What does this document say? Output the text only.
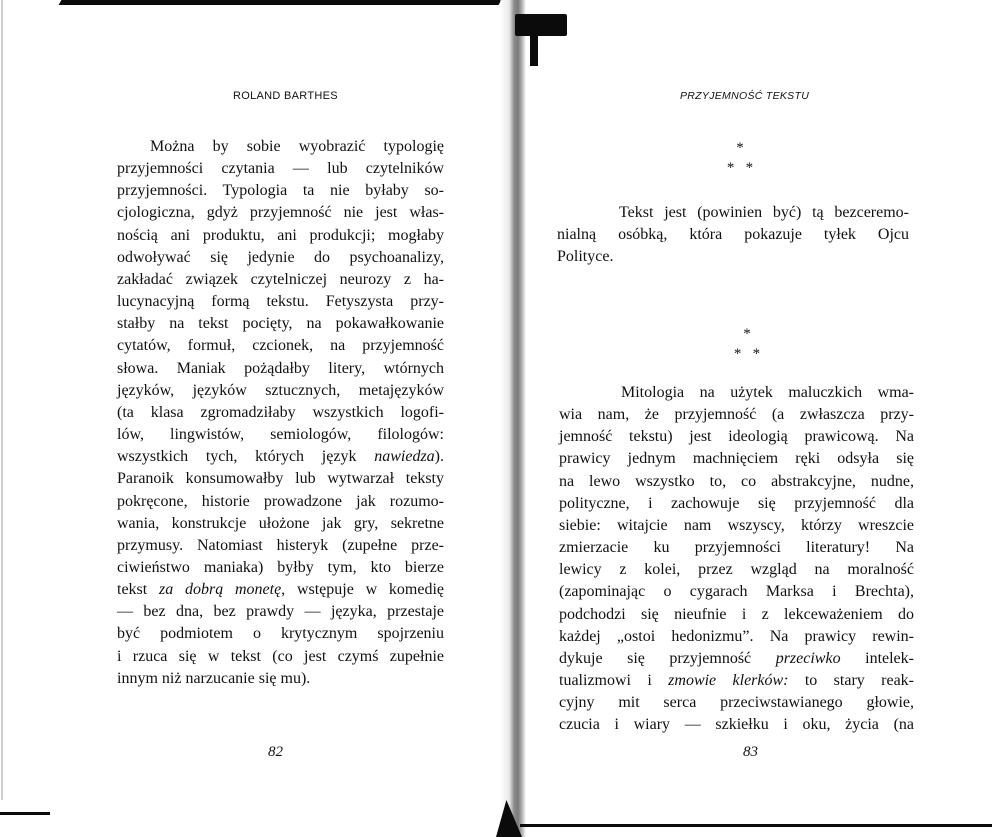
ROLAND BARTHES
Można by sobie wyobrazić typologię
przyjemności czytania — lub czytelników
przyjemności. Typologia ta nie byłaby so-
cjologiczna, gdyż przyjemność nie jest włas-
nością ani produktu, ani produkcji; mogłaby
odwoływać się jedynie do psychoanalizy,
zakładać związek czytelniczej neurozy z ha-
lucynacyjną formą tekstu. Fetyszysta przy-
stałby na tekst pocięty, na pokawałkowanie
cytatów, formuł, czcionek, na przyjemność
słowa. Maniak pożądałby litery, wtórnych
języków, języków sztucznych, metajęzyków
(ta klasa zgromadziłaby wszystkich logofi-
lów, lingwistów, semiologów, filologów:
wszystkich tych, których język nawiedza).
Paranoik konsumowałby lub wytwarzał teksty
pokręcone, historie prowadzone jak rozumo-
wania, konstrukcje ułożone jak gry, sekretne
przymusy. Natomiast histeryk (zupełne prze-
ciwieństwo maniaka) byłby tym, kto bierze
tekst za dobrą monetę, wstępuje w komedię
— bez dna, bez prawdy — języka, przestaje
być podmiotem o krytycznym spojrzeniu
i rzuca się w tekst (co jest czymś zupełnie
innym niż narzucanie się mu).
82
PRZYJEMNOŚĆ TEKSTU
*
*   *
Tekst jest (powinien być) tą bezceremo-
nialną osóbką, która pokazuje tyłek Ojcu
Polityce.
*
*   *
Mitologia na użytek maluczkich wma-
wia nam, że przyjemność (a zwłaszcza przy-
jemność tekstu) jest ideologią prawicową. Na
prawicy jednym machnięciem ręki odsyła się
na lewo wszystko to, co abstrakcyjne, nudne,
polityczne, i zachowuje się przyjemność dla
siebie: witajcie nam wszyscy, którzy wreszcie
zmierzacie ku przyjemności literatury! Na
lewicy z kolei, przez wzgląd na moralność
(zapominając o cygarach Marksa i Brechta),
podchodzi się nieufnie i z lekceważeniem do
każdej „ostoi hedonizmu”. Na prawicy rewin-
dykuje się przyjemność przeciwko intelek-
tualizmowi i zmowie klerków: to stary reak-
cyjny mit serca przeciwstawianego głowie,
czucia i wiary — szkiełku i oku, życia (na
83
